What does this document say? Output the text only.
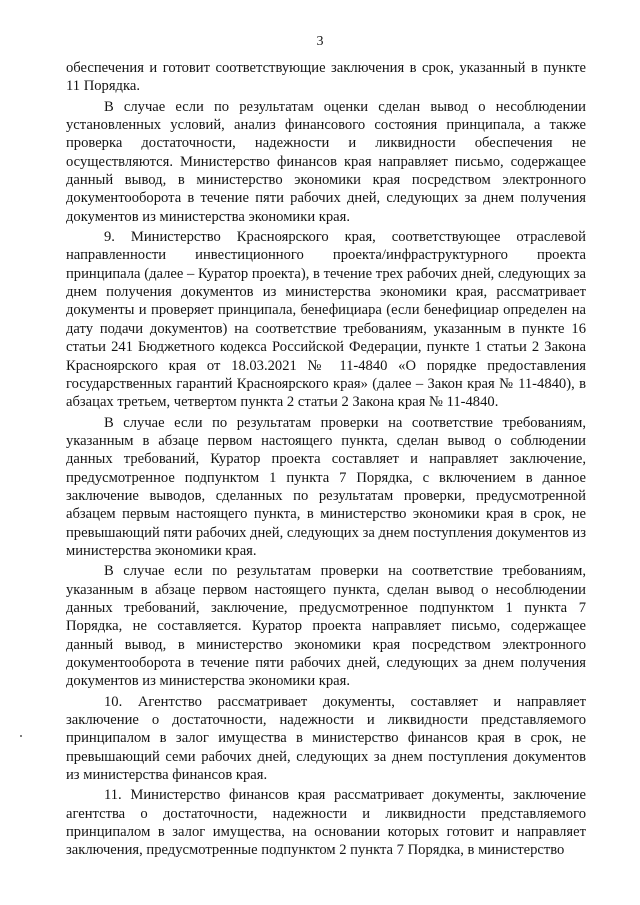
3

обеспечения и готовит соответствующие заключения в срок, указанный в пункте 11 Порядка.

В случае если по результатам оценки сделан вывод о несоблюдении установленных условий, анализ финансового состояния принципала, а также проверка достаточности, надежности и ликвидности обеспечения не осуществляются. Министерство финансов края направляет письмо, содержащее данный вывод, в министерство экономики края посредством электронного документооборота в течение пяти рабочих дней, следующих за днем получения документов из министерства экономики края.

9. Министерство Красноярского края, соответствующее отраслевой направленности инвестиционного проекта/инфраструктурного проекта принципала (далее – Куратор проекта), в течение трех рабочих дней, следующих за днем получения документов из министерства экономики края, рассматривает документы и проверяет принципала, бенефициара (если бенефициар определен на дату подачи документов) на соответствие требованиям, указанным в пункте 16 статьи 241 Бюджетного кодекса Российской Федерации, пункте 1 статьи 2 Закона Красноярского края от 18.03.2021 № 11-4840 «О порядке предоставления государственных гарантий Красноярского края» (далее – Закон края № 11-4840), в абзацах третьем, четвертом пункта 2 статьи 2 Закона края № 11-4840.

В случае если по результатам проверки на соответствие требованиям, указанным в абзаце первом настоящего пункта, сделан вывод о соблюдении данных требований, Куратор проекта составляет и направляет заключение, предусмотренное подпунктом 1 пункта 7 Порядка, с включением в данное заключение выводов, сделанных по результатам проверки, предусмотренной абзацем первым настоящего пункта, в министерство экономики края в срок, не превышающий пяти рабочих дней, следующих за днем поступления документов из министерства экономики края.

В случае если по результатам проверки на соответствие требованиям, указанным в абзаце первом настоящего пункта, сделан вывод о несоблюдении данных требований, заключение, предусмотренное подпунктом 1 пункта 7 Порядка, не составляется. Куратор проекта направляет письмо, содержащее данный вывод, в министерство экономики края посредством электронного документооборота в течение пяти рабочих дней, следующих за днем получения документов из министерства экономики края.

10. Агентство рассматривает документы, составляет и направляет заключение о достаточности, надежности и ликвидности представляемого принципалом в залог имущества в министерство финансов края в срок, не превышающий семи рабочих дней, следующих за днем поступления документов из министерства финансов края.

11. Министерство финансов края рассматривает документы, заключение агентства о достаточности, надежности и ликвидности представляемого принципалом в залог имущества, на основании которых готовит и направляет заключения, предусмотренные подпунктом 2 пункта 7 Порядка, в министерство
